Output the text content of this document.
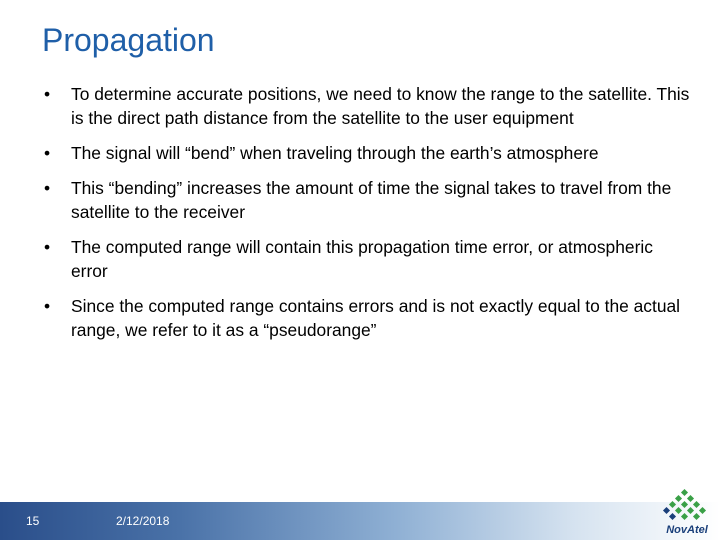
Propagation
• To determine accurate positions, we need to know the range to the satellite. This is the direct path distance from the satellite to the user equipment
• The signal will “bend” when traveling through the earth’s atmosphere
• This “bending” increases the amount of time the signal takes to travel from the satellite to the receiver
• The computed range will contain this propagation time error, or atmospheric error
• Since the computed range contains errors and is not exactly equal to the actual range, we refer to it as a “pseudorange”
15	2/12/2018
NovAtel
